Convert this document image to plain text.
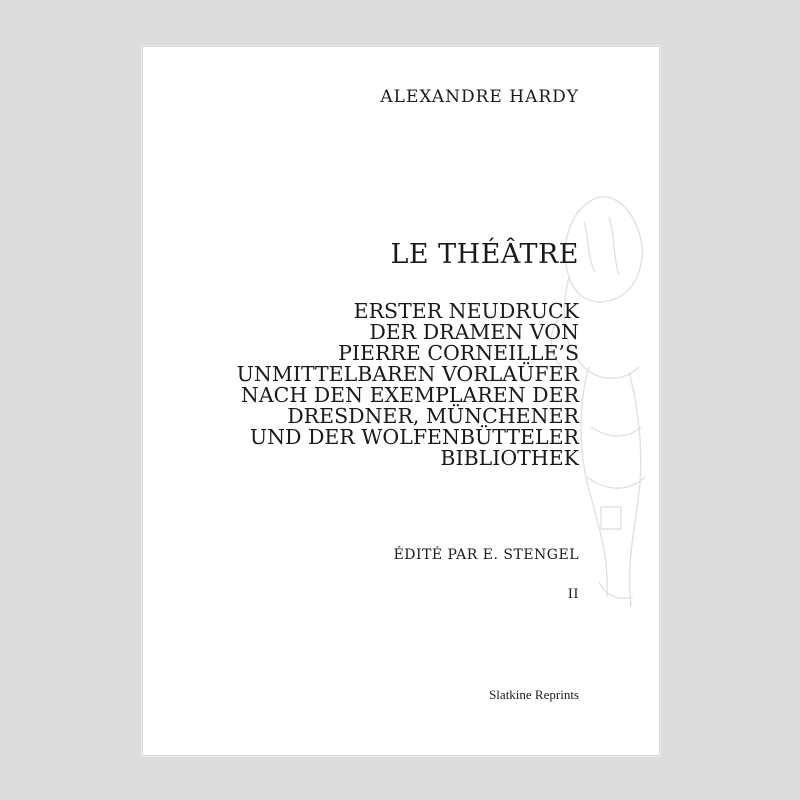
ALEXANDRE HARDY
LE THÉÂTRE
ERSTER NEUDRUCK
DER DRAMEN VON
PIERRE CORNEILLE’S
UNMITTELBAREN VORLAÜFER
NACH DEN EXEMPLAREN DER
DRESDNER, MÜNCHENER
UND DER WOLFENBÜTTELER
BIBLIOTHEK
ÉDITÉ PAR E. STENGEL
II
Slatkine Reprints
